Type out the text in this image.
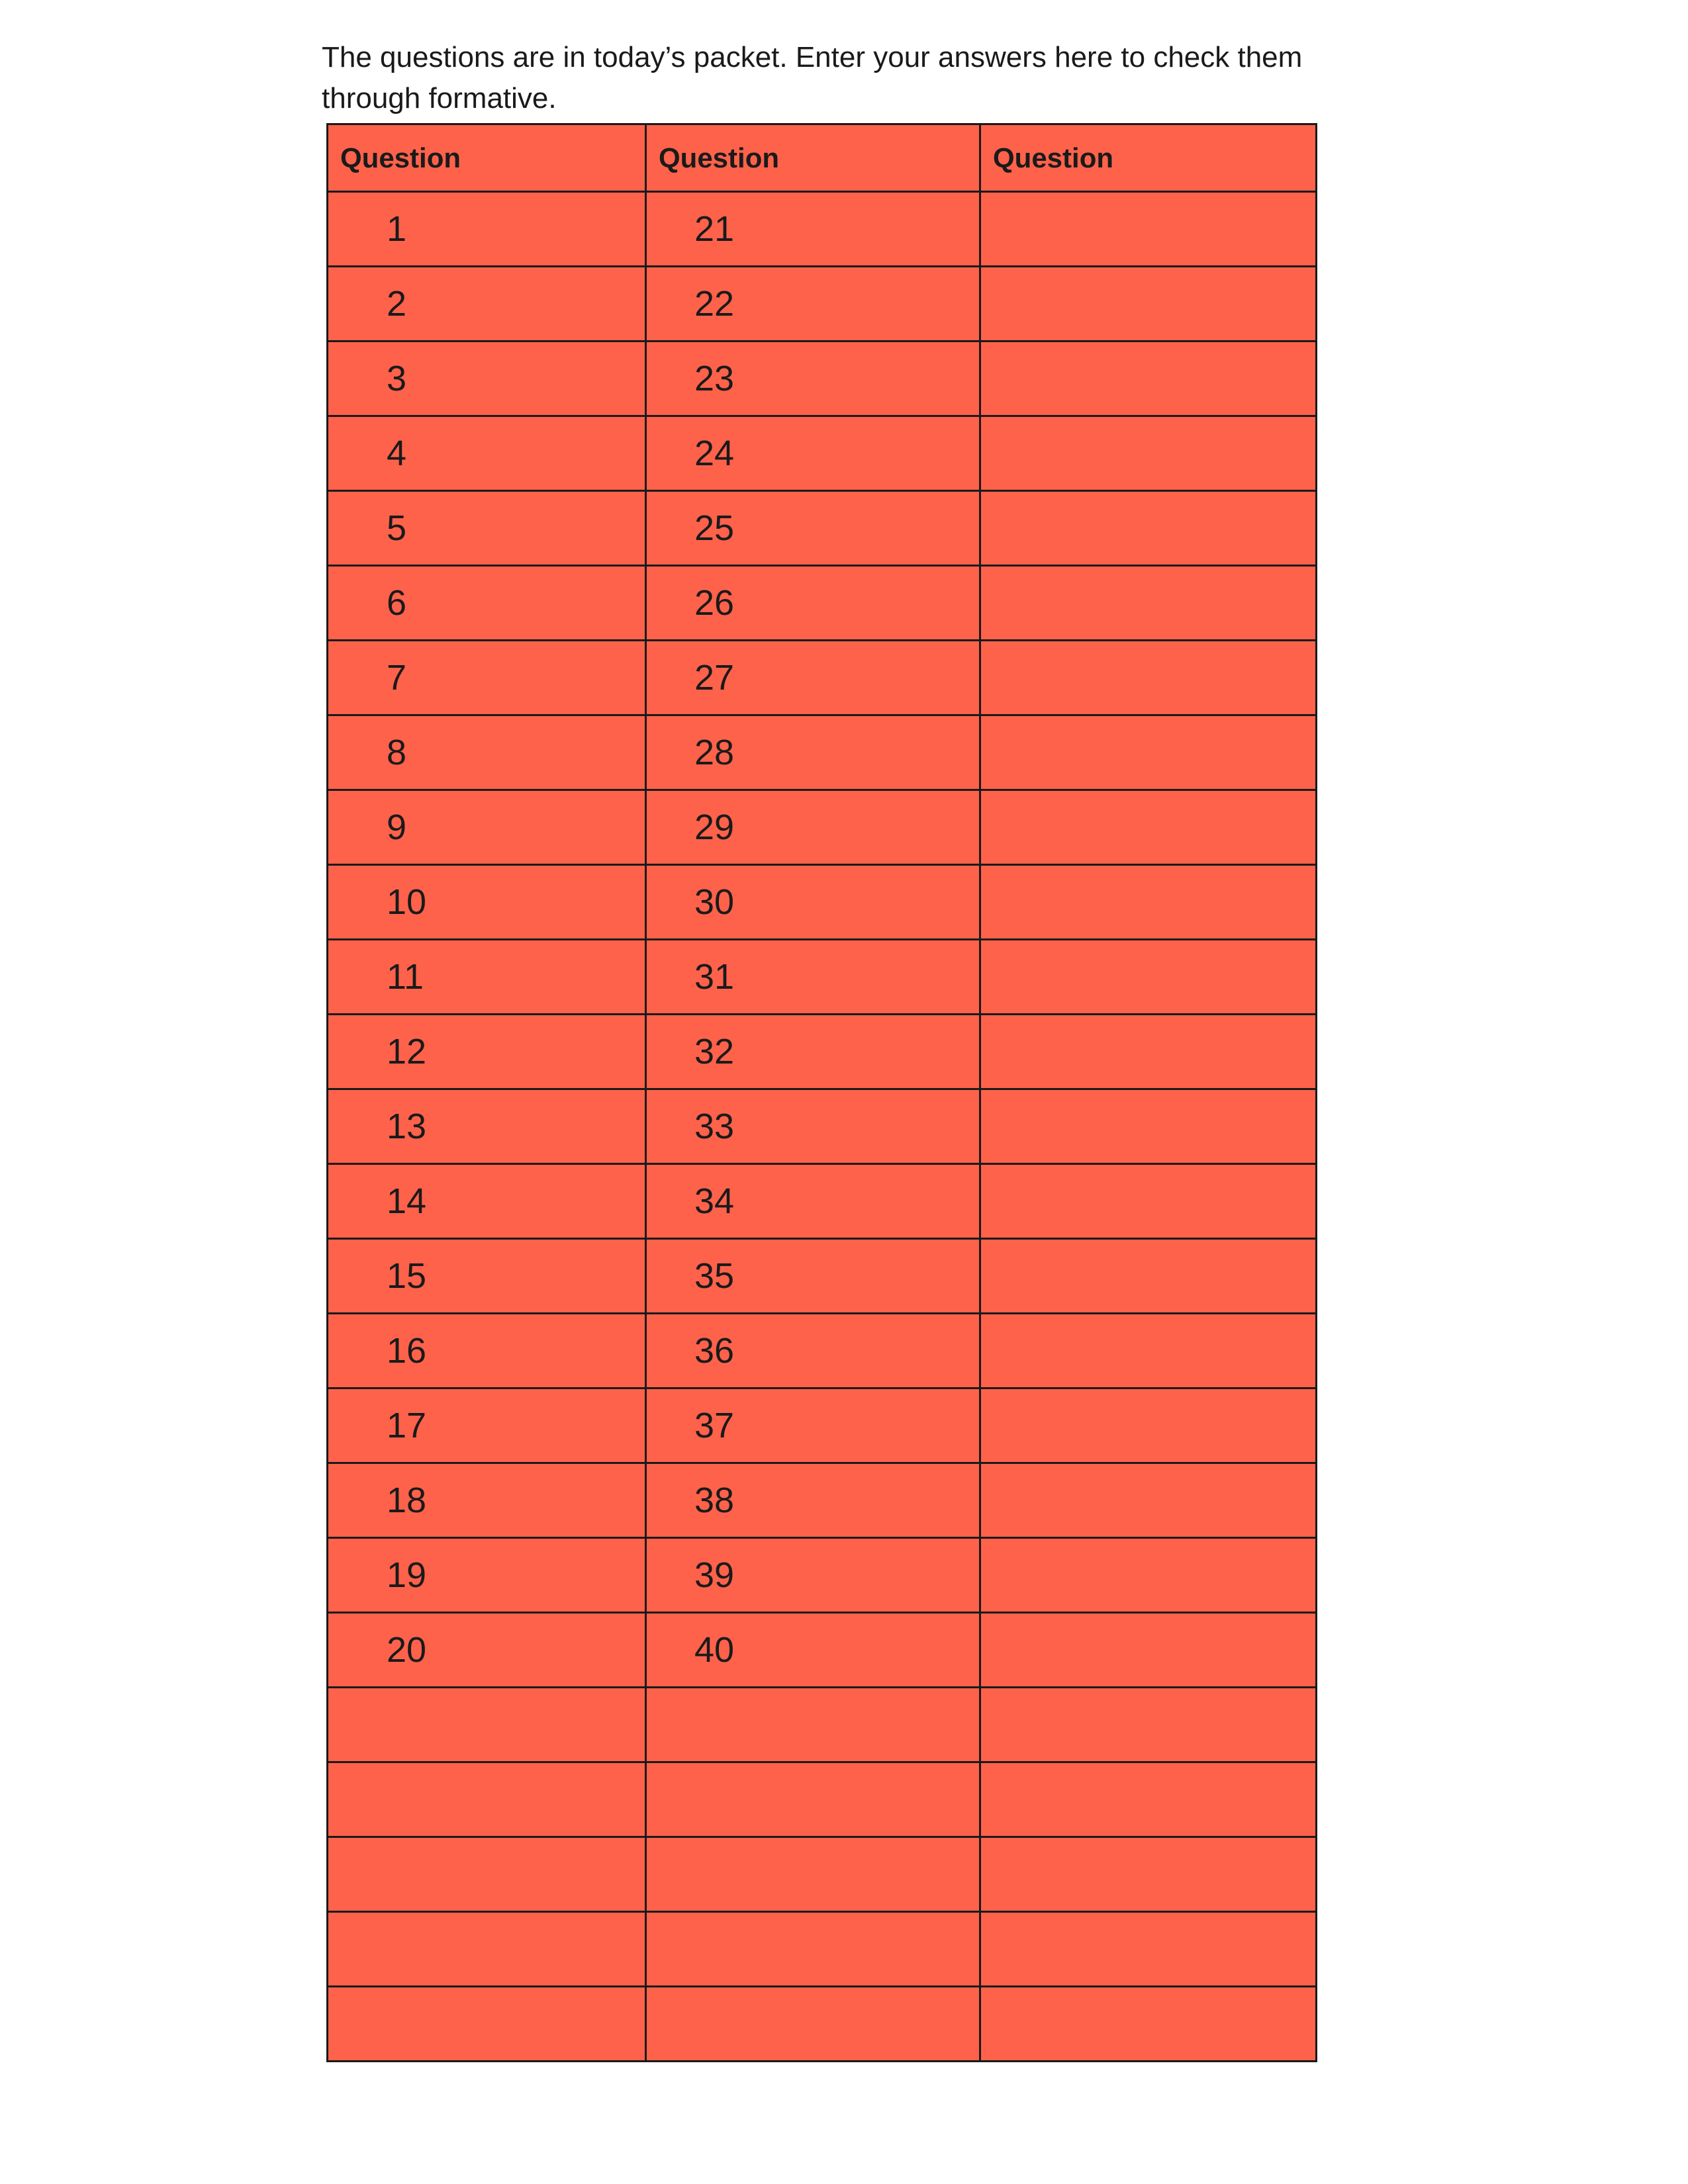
The questions are in today’s packet. Enter your answers here to check them through formative.

Question	Question	Question
1	21	
2	22	
3	23	
4	24	
5	25	
6	26	
7	27	
8	28	
9	29	
10	30	
11	31	
12	32	
13	33	
14	34	
15	35	
16	36	
17	37	
18	38	
19	39	
20	40	
